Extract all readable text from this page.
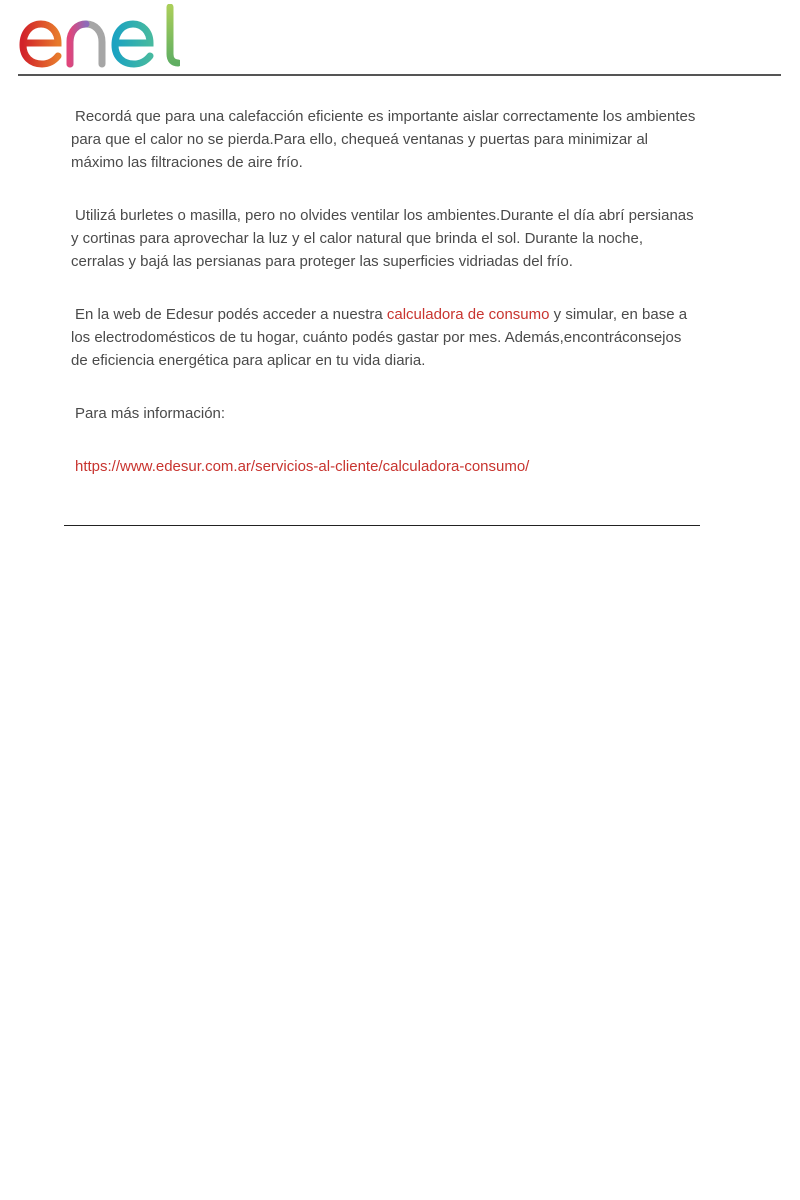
Recordá que para una calefacción eficiente es importante aislar correctamente los ambientes para que el calor no se pierda.Para ello, chequeá ventanas y puertas para minimizar al máximo las filtraciones de aire frío.

Utilizá burletes o masilla, pero no olvides ventilar los ambientes.Durante el día abrí persianas y cortinas para aprovechar la luz y el calor natural que brinda el sol. Durante la noche, cerralas y bajá las persianas para proteger las superficies vidriadas del frío.

En la web de Edesur podés acceder a nuestra calculadora de consumo y simular, en base a los electrodomésticos de tu hogar, cuánto podés gastar por mes. Además,encontráconsejos de eficiencia energética para aplicar en tu vida diaria.

Para más información:

https://www.edesur.com.ar/servicios-al-cliente/calculadora-consumo/
